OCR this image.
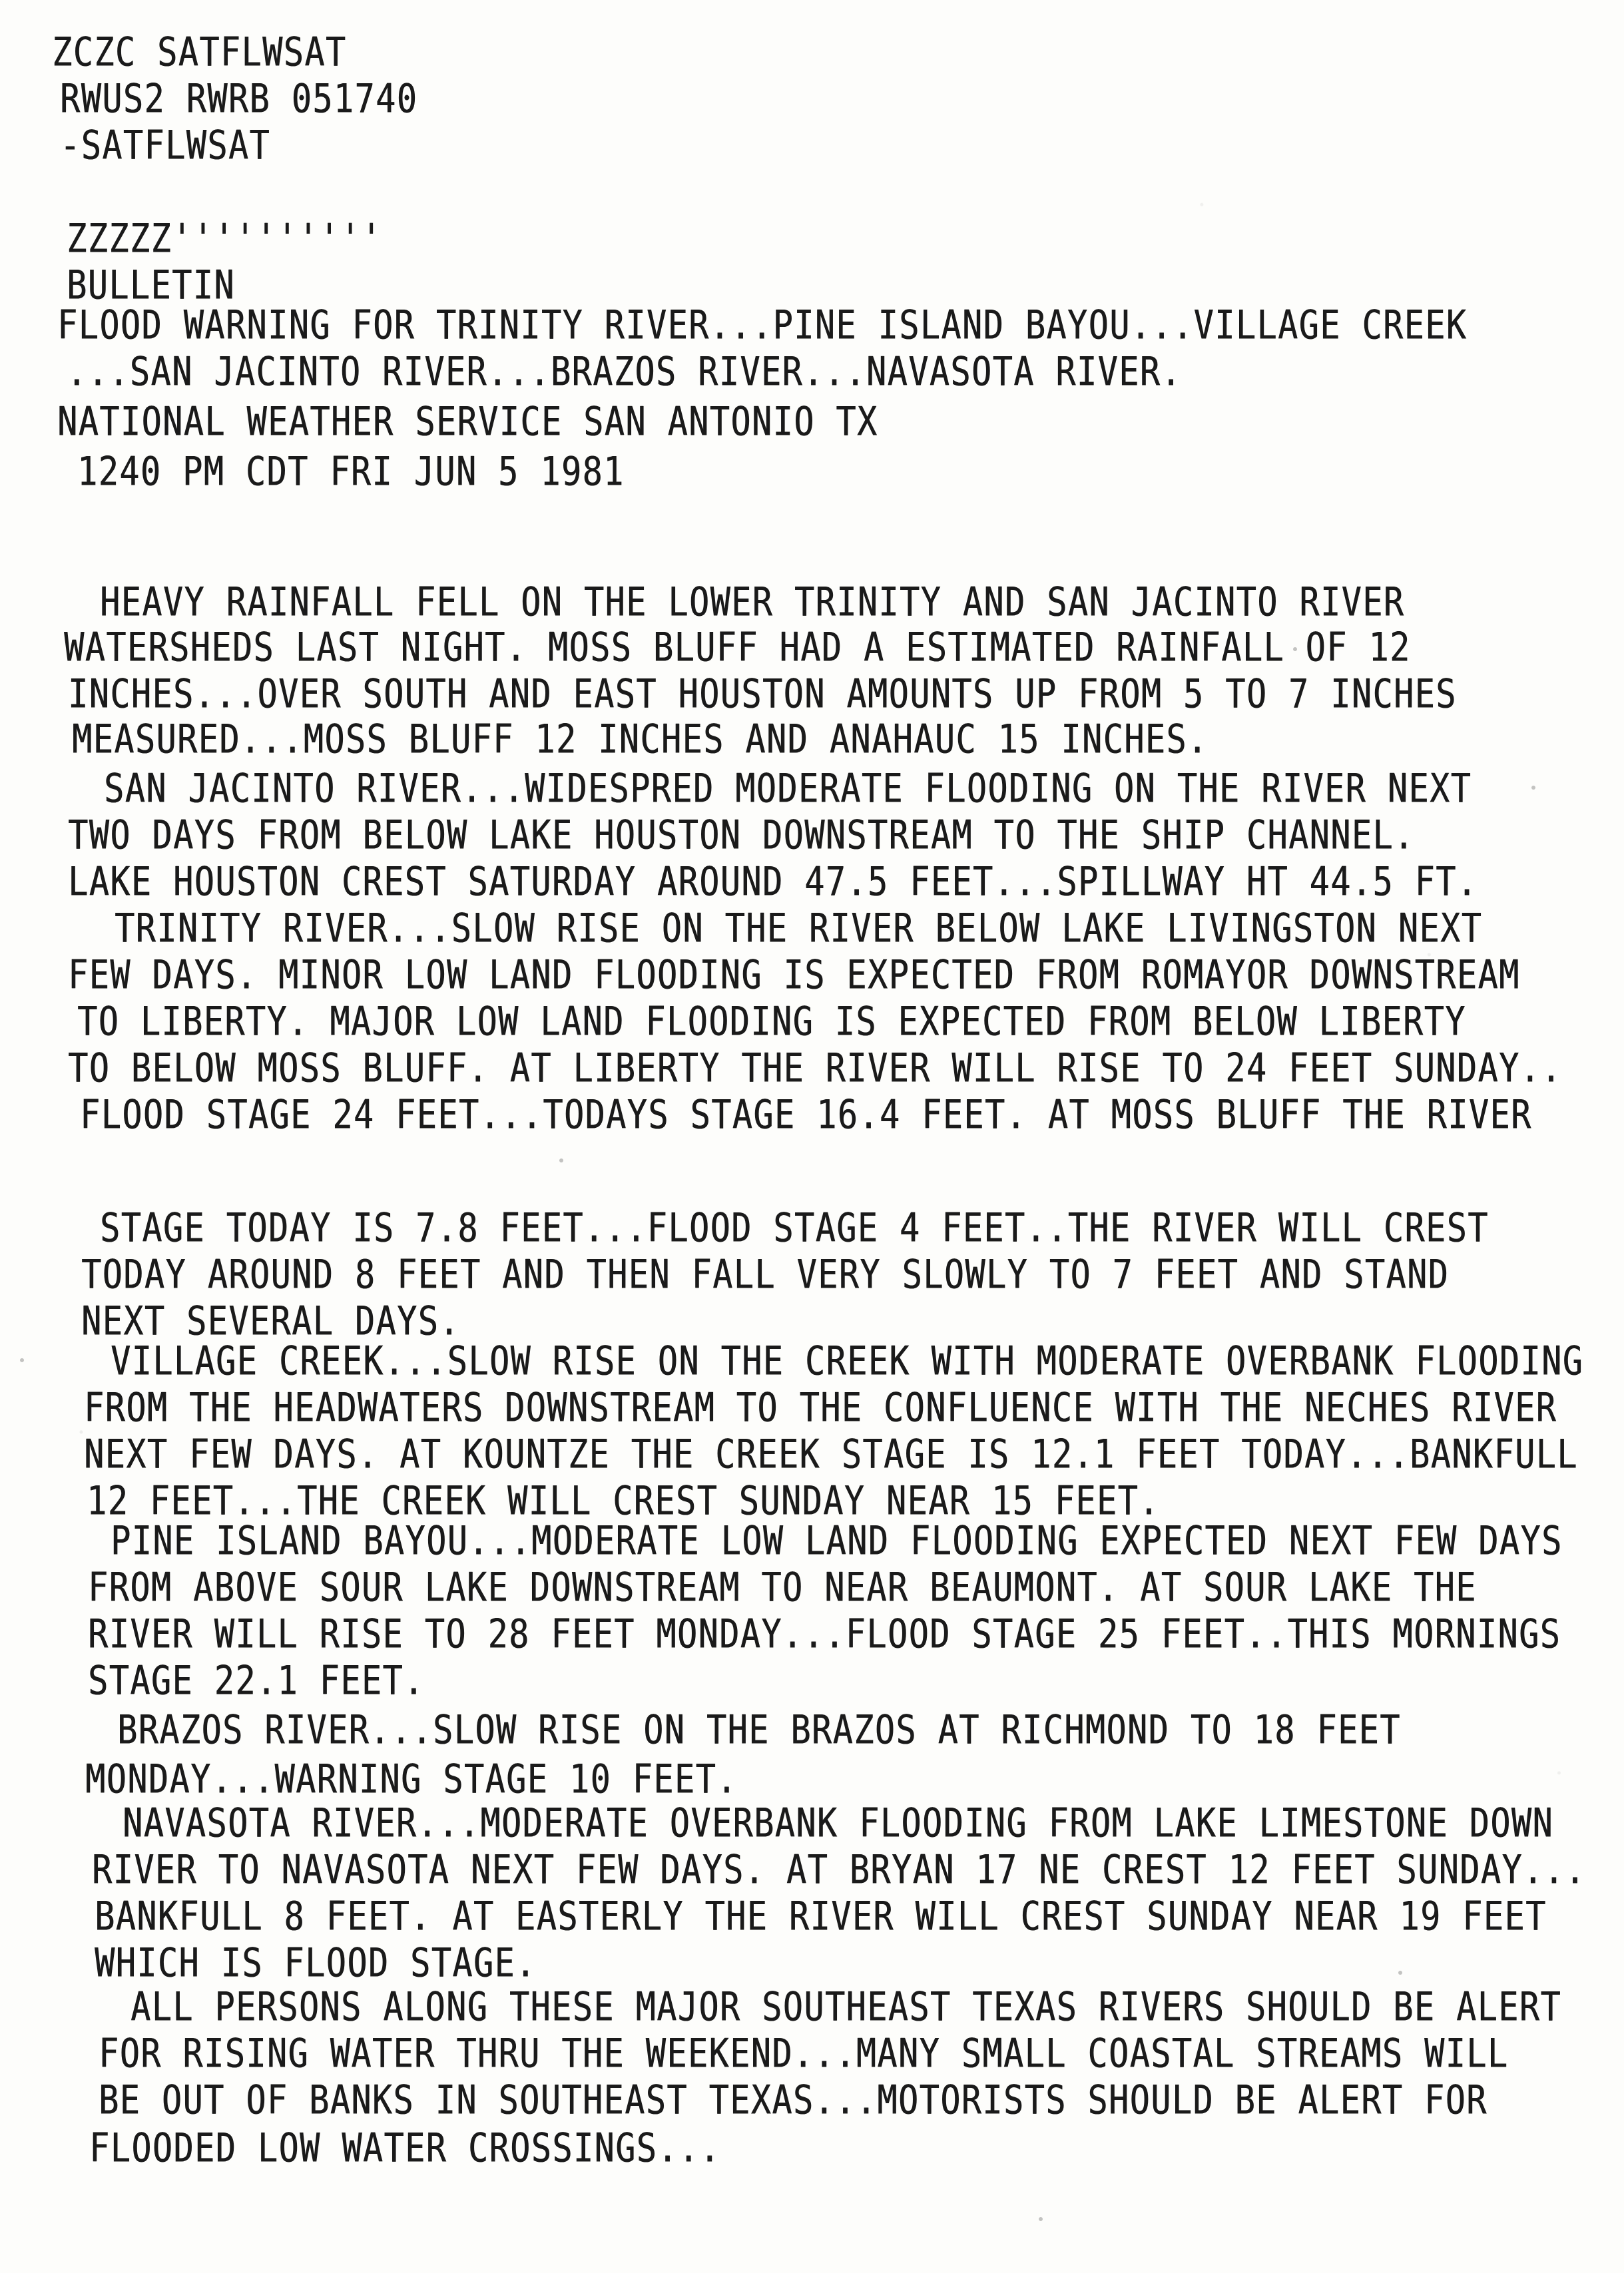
ZCZC SATFLWSAT
RWUS2 RWRB 051740
-SATFLWSAT
ZZZZZ''''''''''
BULLETIN
FLOOD WARNING FOR TRINITY RIVER...PINE ISLAND BAYOU...VILLAGE CREEK
...SAN JACINTO RIVER...BRAZOS RIVER...NAVASOTA RIVER.
NATIONAL WEATHER SERVICE SAN ANTONIO TX
1240 PM CDT FRI JUN 5 1981
HEAVY RAINFALL FELL ON THE LOWER TRINITY AND SAN JACINTO RIVER
WATERSHEDS LAST NIGHT. MOSS BLUFF HAD A ESTIMATED RAINFALL OF 12
INCHES...OVER SOUTH AND EAST HOUSTON AMOUNTS UP FROM 5 TO 7 INCHES
MEASURED...MOSS BLUFF 12 INCHES AND ANAHAUC 15 INCHES.
SAN JACINTO RIVER...WIDESPRED MODERATE FLOODING ON THE RIVER NEXT
TWO DAYS FROM BELOW LAKE HOUSTON DOWNSTREAM TO THE SHIP CHANNEL.
LAKE HOUSTON CREST SATURDAY AROUND 47.5 FEET...SPILLWAY HT 44.5 FT.
TRINITY RIVER...SLOW RISE ON THE RIVER BELOW LAKE LIVINGSTON NEXT
FEW DAYS. MINOR LOW LAND FLOODING IS EXPECTED FROM ROMAYOR DOWNSTREAM
TO LIBERTY. MAJOR LOW LAND FLOODING IS EXPECTED FROM BELOW LIBERTY
TO BELOW MOSS BLUFF. AT LIBERTY THE RIVER WILL RISE TO 24 FEET SUNDAY..
FLOOD STAGE 24 FEET...TODAYS STAGE 16.4 FEET. AT MOSS BLUFF THE RIVER
STAGE TODAY IS 7.8 FEET...FLOOD STAGE 4 FEET..THE RIVER WILL CREST
TODAY AROUND 8 FEET AND THEN FALL VERY SLOWLY TO 7 FEET AND STAND
NEXT SEVERAL DAYS.
VILLAGE CREEK...SLOW RISE ON THE CREEK WITH MODERATE OVERBANK FLOODING
FROM THE HEADWATERS DOWNSTREAM TO THE CONFLUENCE WITH THE NECHES RIVER
NEXT FEW DAYS. AT KOUNTZE THE CREEK STAGE IS 12.1 FEET TODAY...BANKFULL
12 FEET...THE CREEK WILL CREST SUNDAY NEAR 15 FEET.
PINE ISLAND BAYOU...MODERATE LOW LAND FLOODING EXPECTED NEXT FEW DAYS
FROM ABOVE SOUR LAKE DOWNSTREAM TO NEAR BEAUMONT. AT SOUR LAKE THE
RIVER WILL RISE TO 28 FEET MONDAY...FLOOD STAGE 25 FEET..THIS MORNINGS
STAGE 22.1 FEET.
BRAZOS RIVER...SLOW RISE ON THE BRAZOS AT RICHMOND TO 18 FEET
MONDAY...WARNING STAGE 10 FEET.
NAVASOTA RIVER...MODERATE OVERBANK FLOODING FROM LAKE LIMESTONE DOWN
RIVER TO NAVASOTA NEXT FEW DAYS. AT BRYAN 17 NE CREST 12 FEET SUNDAY...
BANKFULL 8 FEET. AT EASTERLY THE RIVER WILL CREST SUNDAY NEAR 19 FEET
WHICH IS FLOOD STAGE.
ALL PERSONS ALONG THESE MAJOR SOUTHEAST TEXAS RIVERS SHOULD BE ALERT
FOR RISING WATER THRU THE WEEKEND...MANY SMALL COASTAL STREAMS WILL
BE OUT OF BANKS IN SOUTHEAST TEXAS...MOTORISTS SHOULD BE ALERT FOR
FLOODED LOW WATER CROSSINGS...
